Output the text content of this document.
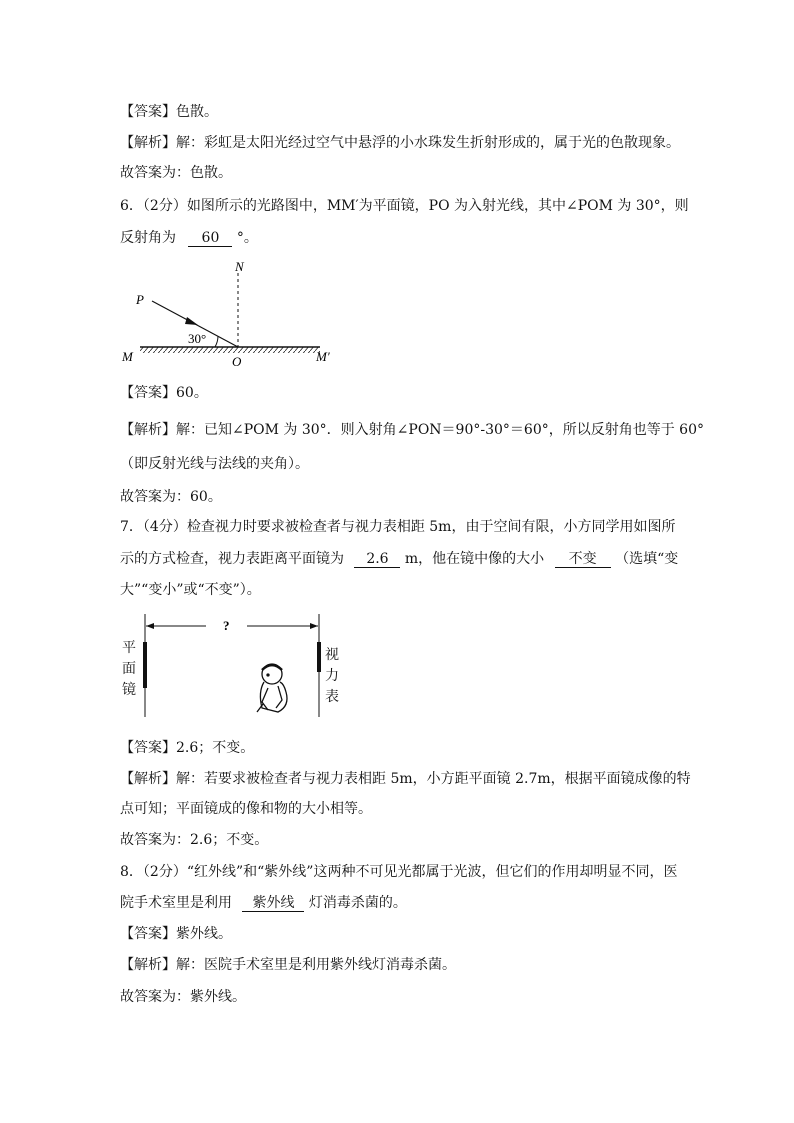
【答案】色散。
【解析】解：彩虹是太阳光经过空气中悬浮的小水珠发生折射形成的，属于光的色散现象。
故答案为：色散。
6．（2分）如图所示的光路图中，MM′为平面镜，PO 为入射光线，其中∠POM 为 30°，则
反射角为 60 °。
N
P
M	O	M′
30°
【答案】60。
【解析】解：已知∠POM 为 30°．则入射角∠PON＝90°-30°＝60°，所以反射角也等于 60°
（即反射光线与法线的夹角）。
故答案为：60。
7．（4分）检查视力时要求被检查者与视力表相距 5m，由于空间有限，小方同学用如图所
示的方式检查，视力表距离平面镜为 2.6 m，他在镜中像的大小 不变 （选填“变
大”“变小”或“不变”）。
?
平
面
镜
视
力
表
【答案】2.6；不变。
【解析】解：若要求被检查者与视力表相距 5m，小方距平面镜 2.7m，根据平面镜成像的特
点可知；平面镜成的像和物的大小相等。
故答案为：2.6；不变。
8．（2分）“红外线”和“紫外线”这两种不可见光都属于光波，但它们的作用却明显不同，医
院手术室里是利用 紫外线 灯消毒杀菌的。
【答案】紫外线。
【解析】解：医院手术室里是利用紫外线灯消毒杀菌。
故答案为：紫外线。
